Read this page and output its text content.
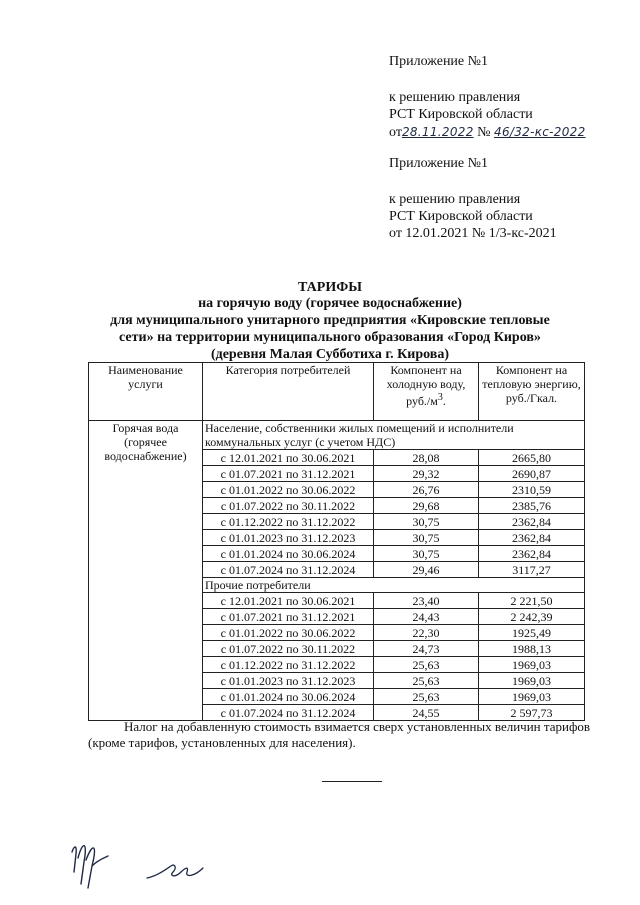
Приложение №1
к решению правления
РСТ Кировской области
от28.11.2022 № 46/32-кс-2022
Приложение №1
к решению правления
РСТ Кировской области
от 12.01.2021 № 1/3-кс-2021
ТАРИФЫ
на горячую воду (горячее водоснабжение)
для муниципального унитарного предприятия «Кировские тепловые
сети» на территории муниципального образования «Город Киров»
(деревня Малая Субботиха г. Кирова)
Наименование услуги	Категория потребителей	Компонент на холодную воду, $руб./м^3$.	Компонент на тепловую энергию, руб./Гкал.
Горячая вода (горячее водоснабжение)	Население, собственники жилых помещений и исполнители коммунальных услуг (с учетом НДС)		
	с 12.01.2021 по 30.06.2021	28,08	2665,80
	с 01.07.2021 по 31.12.2021	29,32	2690,87
	с 01.01.2022 по 30.06.2022	26,76	2310,59
	с 01.07.2022 по 30.11.2022	29,68	2385,76
	с 01.12.2022 по 31.12.2022	30,75	2362,84
	с 01.01.2023 по 31.12.2023	30,75	2362,84
	с 01.01.2024 по 30.06.2024	30,75	2362,84
	с 01.07.2024 по 31.12.2024	29,46	3117,27
	Прочие потребители		
	с 12.01.2021 по 30.06.2021	23,40	2 221,50
	с 01.07.2021 по 31.12.2021	24,43	2 242,39
	с 01.01.2022 по 30.06.2022	22,30	1925,49
	с 01.07.2022 по 30.11.2022	24,73	1988,13
	с 01.12.2022 по 31.12.2022	25,63	1969,03
	с 01.01.2023 по 31.12.2023	25,63	1969,03
	с 01.01.2024 по 30.06.2024	25,63	1969,03
	с 01.07.2024 по 31.12.2024	24,55	2 597,73
Налог на добавленную стоимость взимается сверх установленных величин тарифов
(кроме тарифов, установленных для населения).
